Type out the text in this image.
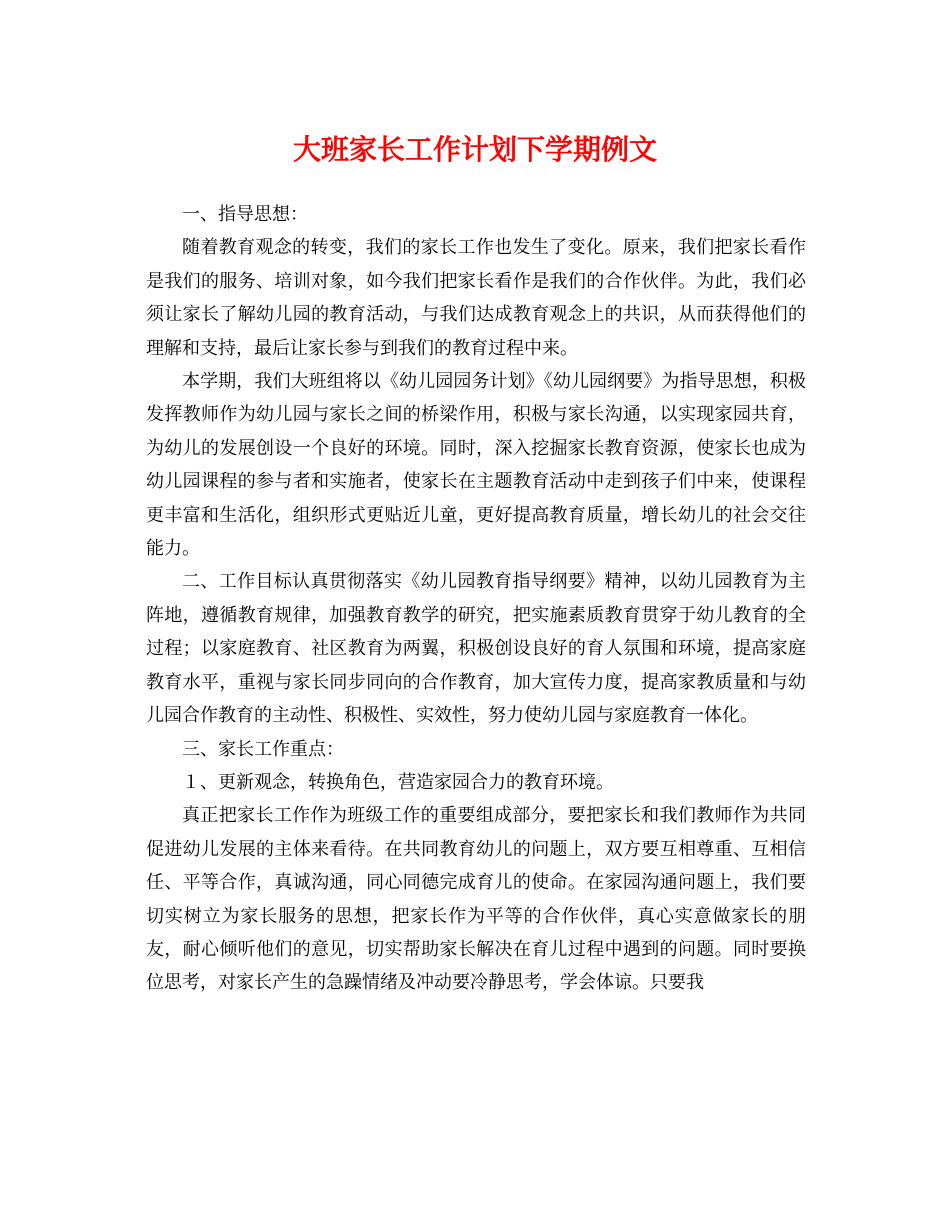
大班家长工作计划下学期例文

一、指导思想：

随着教育观念的转变，我们的家长工作也发生了变化。原来，我们把家长看作是我们的服务、培训对象，如今我们把家长看作是我们的合作伙伴。为此，我们必须让家长了解幼儿园的教育活动，与我们达成教育观念上的共识，从而获得他们的理解和支持，最后让家长参与到我们的教育过程中来。

本学期，我们大班组将以《幼儿园园务计划》《幼儿园纲要》为指导思想，积极发挥教师作为幼儿园与家长之间的桥梁作用，积极与家长沟通，以实现家园共育，为幼儿的发展创设一个良好的环境。同时，深入挖掘家长教育资源，使家长也成为幼儿园课程的参与者和实施者，使家长在主题教育活动中走到孩子们中来，使课程更丰富和生活化，组织形式更贴近儿童，更好提高教育质量，增长幼儿的社会交往能力。

二、工作目标认真贯彻落实《幼儿园教育指导纲要》精神，以幼儿园教育为主阵地，遵循教育规律，加强教育教学的研究，把实施素质教育贯穿于幼儿教育的全过程；以家庭教育、社区教育为两翼，积极创设良好的育人氛围和环境，提高家庭教育水平，重视与家长同步同向的合作教育，加大宣传力度，提高家教质量和与幼儿园合作教育的主动性、积极性、实效性，努力使幼儿园与家庭教育一体化。

三、家长工作重点：

１、更新观念，转换角色，营造家园合力的教育环境。

真正把家长工作作为班级工作的重要组成部分，要把家长和我们教师作为共同促进幼儿发展的主体来看待。在共同教育幼儿的问题上，双方要互相尊重、互相信任、平等合作，真诚沟通，同心同德完成育儿的使命。在家园沟通问题上，我们要切实树立为家长服务的思想，把家长作为平等的合作伙伴，真心实意做家长的朋友，耐心倾听他们的意见，切实帮助家长解决在育儿过程中遇到的问题。同时要换位思考，对家长产生的急躁情绪及冲动要冷静思考，学会体谅。只要我
